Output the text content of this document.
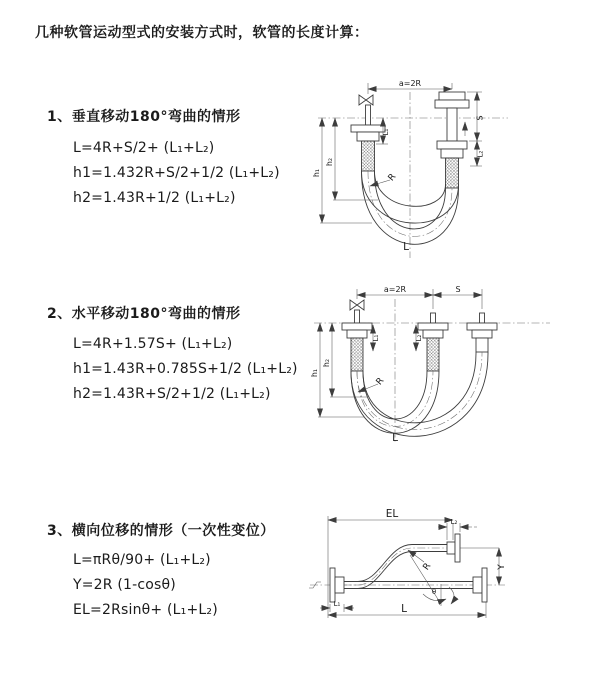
几种软管运动型式的安装方式时，软管的长度计算：
1、垂直移动180°弯曲的情形
L=4R+S/2+ (L₁+L₂)
h1=1.432R+S/2+1/2 (L₁+L₂)
h2=1.43R+1/2 (L₁+L₂)
2、水平移动180°弯曲的情形
L=4R+1.57S+ (L₁+L₂)
h1=1.43R+0.785S+1/2 (L₁+L₂)
h2=1.43R+S/2+1/2 (L₁+L₂)
3、横向位移的情形（一次性变位）
L=πRθ/90+ (L₁+L₂)
Y=2R (1-cosθ)
EL=2Rsinθ+ (L₁+L₂)
a=2R
h₁
h₂
L₁
S
L₂
R
L
a=2R	S
L₁	L₂
h₁
h₂
R
L
EL
L₂
Y
L
L₁
R
θ
